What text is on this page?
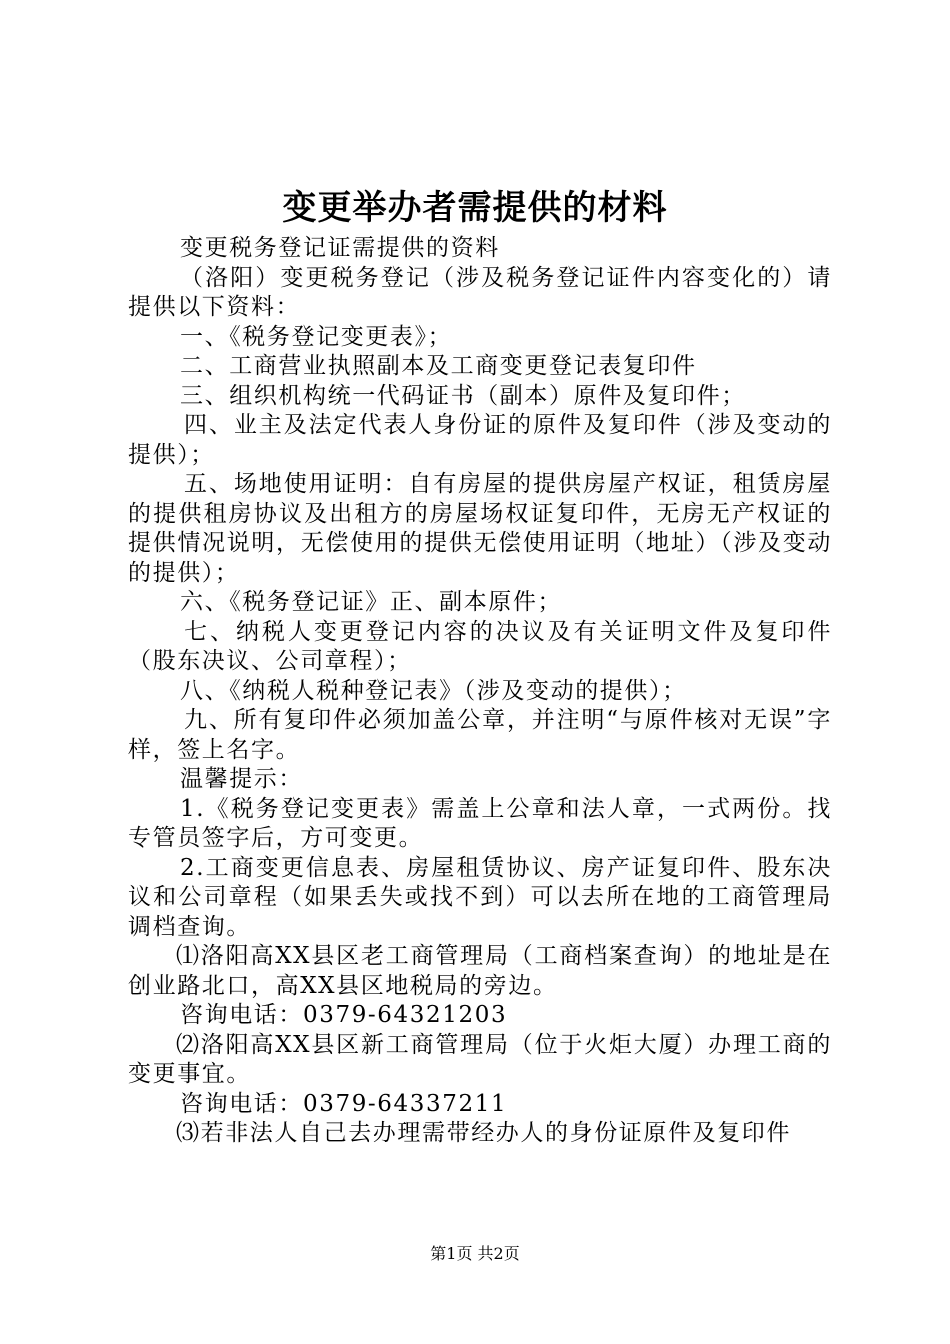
变更举办者需提供的材料

变更税务登记证需提供的资料

（洛阳）变更税务登记（涉及税务登记证件内容变化的）请提供以下资料：

一、《税务登记变更表》；

二、工商营业执照副本及工商变更登记表复印件

三、组织机构统一代码证书（副本）原件及复印件；

四、业主及法定代表人身份证的原件及复印件（涉及变动的提供）；

五、场地使用证明：自有房屋的提供房屋产权证，租赁房屋的提供租房协议及出租方的房屋场权证复印件，无房无产权证的提供情况说明，无偿使用的提供无偿使用证明（地址）（涉及变动的提供）；

六、《税务登记证》正、副本原件；

七、纳税人变更登记内容的决议及有关证明文件及复印件（股东决议、公司章程）；

八、《纳税人税种登记表》（涉及变动的提供）；

九、所有复印件必须加盖公章，并注明“与原件核对无误”字样，签上名字。

温馨提示：

1.《税务登记变更表》需盖上公章和法人章，一式两份。找专管员签字后，方可变更。

2.工商变更信息表、房屋租赁协议、房产证复印件、股东决议和公司章程（如果丢失或找不到）可以去所在地的工商管理局调档查询。

⑴洛阳高XX县区老工商管理局（工商档案查询）的地址是在创业路北口，高XX县区地税局的旁边。

咨询电话：0379-64321203

⑵洛阳高XX县区新工商管理局（位于火炬大厦）办理工商的变更事宜。

咨询电话：0379-64337211

⑶若非法人自己去办理需带经办人的身份证原件及复印件

第1页 共2页
